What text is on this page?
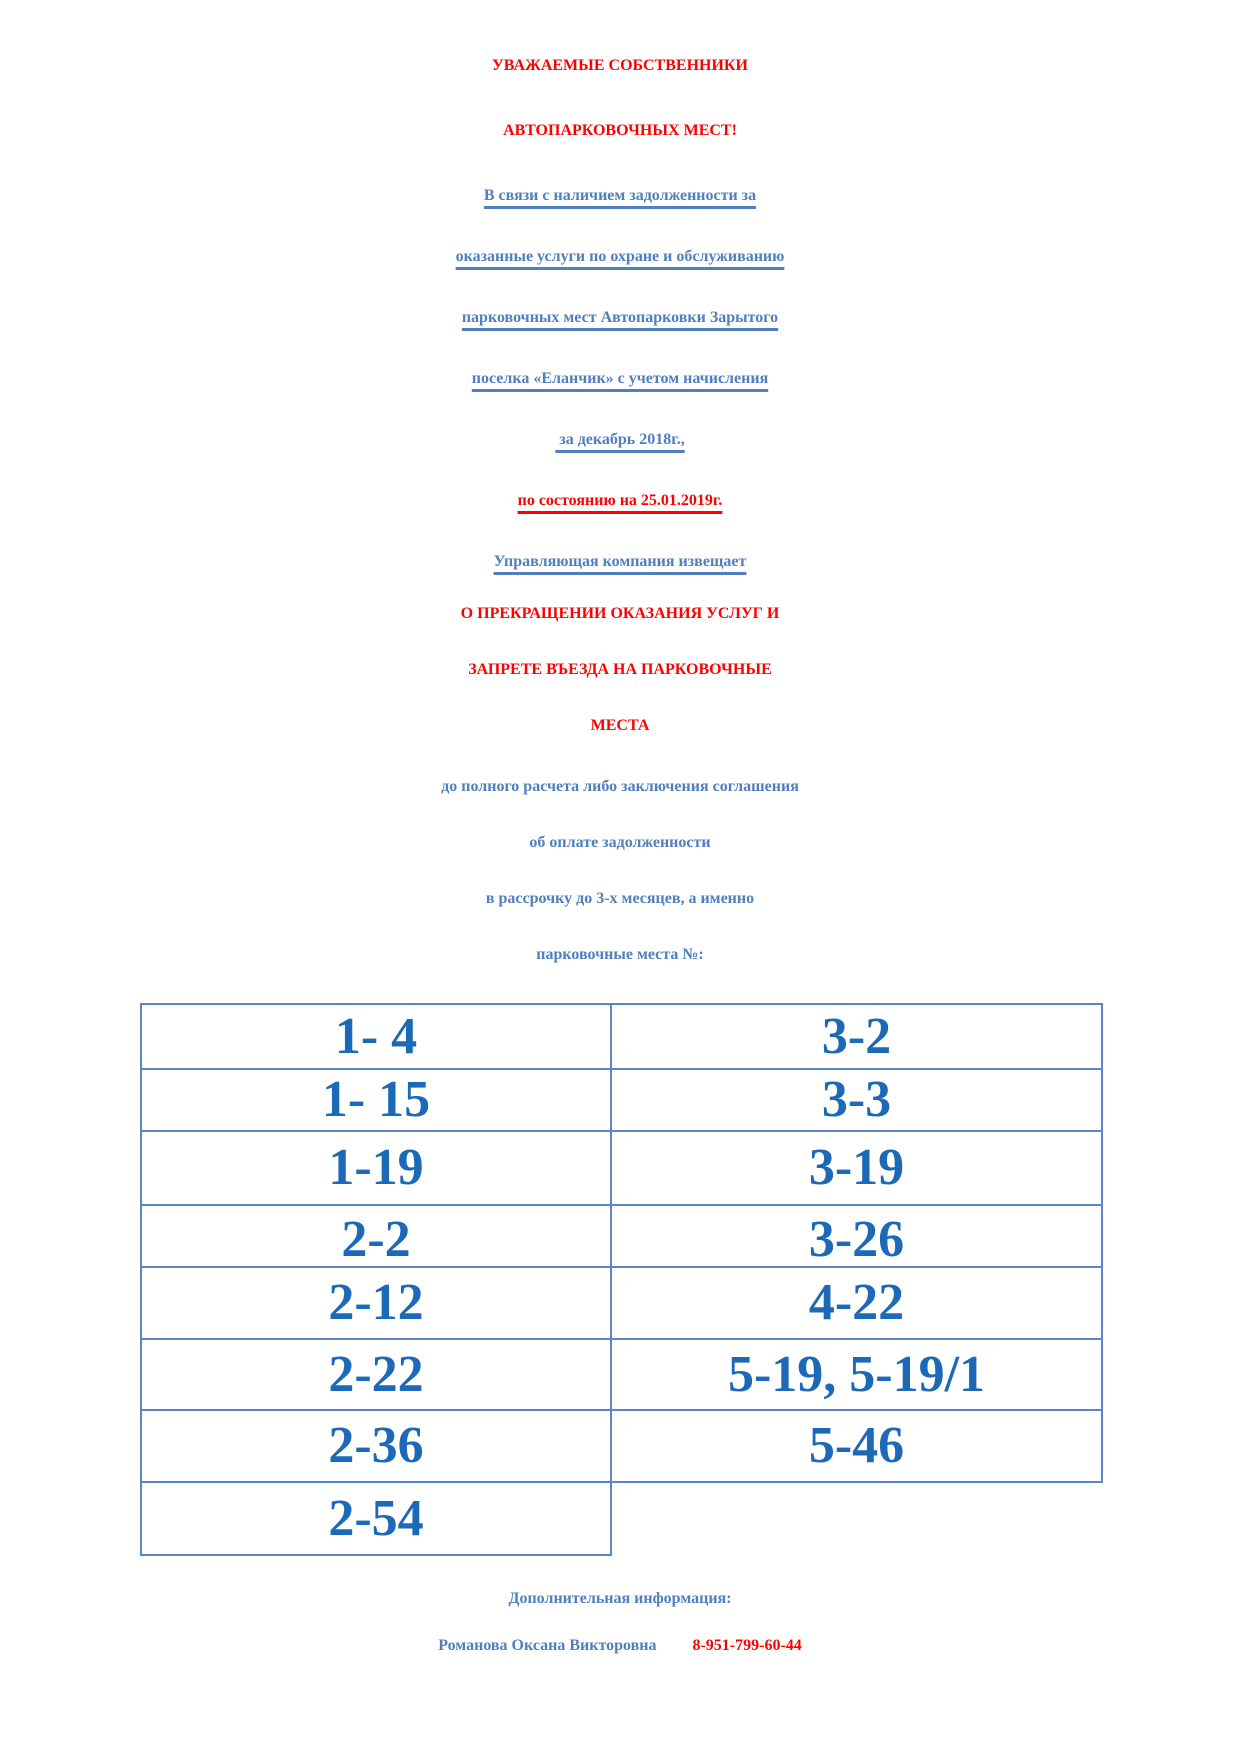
УВАЖАЕМЫЕ СОБСТВЕННИКИ
АВТОПАРКОВОЧНЫХ МЕСТ!
В связи с наличием задолженности за
оказанные услуги по охране и обслуживанию
парковочных мест Автопарковки Зарытого
поселка «Еланчик» с учетом начисления
за декабрь 2018г.,
по состоянию на 25.01.2019г.
Управляющая компания извещает
О ПРЕКРАЩЕНИИ ОКАЗАНИЯ УСЛУГ И
ЗАПРЕТЕ ВЪЕЗДА НА ПАРКОВОЧНЫЕ
МЕСТА
до полного расчета либо заключения соглашения
об оплате задолженности
в рассрочку до 3-х месяцев, а именно
парковочные места №:
1- 4	3-2
1- 15	3-3
1-19	3-19
2-2	3-26
2-12	4-22
2-22	5-19, 5-19/1
2-36	5-46
2-54	
Дополнительная информация:
Романова Оксана Викторовна 8-951-799-60-44
